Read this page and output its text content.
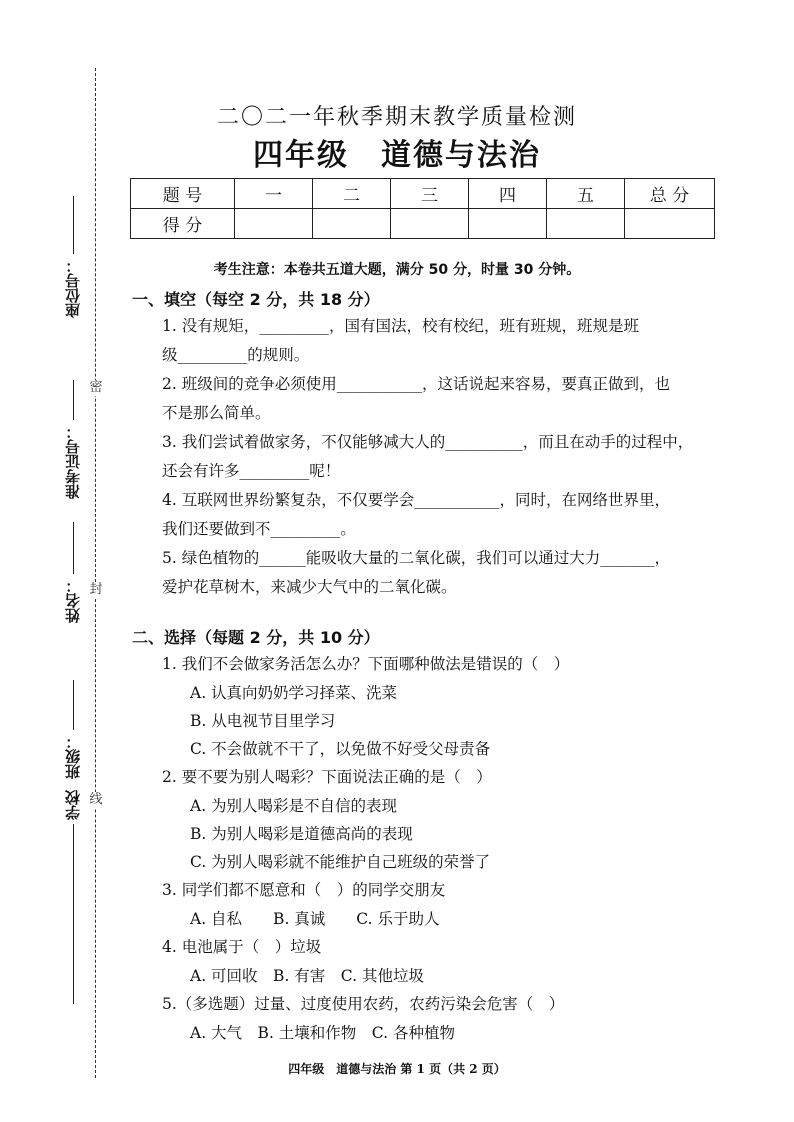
密
封
线
座位号：
准考证号：
姓名：
班级：
学校
二〇二一年秋季期末教学质量检测
四年级　道德与法治
题 号	一	二	三	四	五	总 分
得 分						
考生注意：本卷共五道大题，满分 50 分，时量 30 分钟。
一、填空（每空 2 分，共 18 分）
1. 没有规矩，_________，国有国法，校有校纪，班有班规，班规是班
级_________的规则。
2. 班级间的竞争必须使用___________，这话说起来容易，要真正做到，也
不是那么简单。
3. 我们尝试着做家务，不仅能够减大人的__________，而且在动手的过程中，
还会有许多_________呢！
4. 互联网世界纷繁复杂，不仅要学会___________，同时，在网络世界里，
我们还要做到不_________。
5. 绿色植物的______能吸收大量的二氧化碳，我们可以通过大力_______，
爱护花草树木，来减少大气中的二氧化碳。
二、选择（每题 2 分，共 10 分）
1. 我们不会做家务活怎么办？下面哪种做法是错误的（　）
A. 认真向奶奶学习择菜、洗菜
B. 从电视节目里学习
C. 不会做就不干了，以免做不好受父母责备
2. 要不要为别人喝彩？下面说法正确的是（　）
A. 为别人喝彩是不自信的表现
B. 为别人喝彩是道德高尚的表现
C. 为别人喝彩就不能维护自己班级的荣誉了
3. 同学们都不愿意和（　）的同学交朋友
A. 自私　　B. 真诚　　C. 乐于助人
4. 电池属于（　）垃圾
A. 可回收　B. 有害　C. 其他垃圾
5.（多选题）过量、过度使用农药，农药污染会危害（　）
A. 大气　B. 土壤和作物　C. 各种植物
四年级　道德与法治 第 1 页（共 2 页）
